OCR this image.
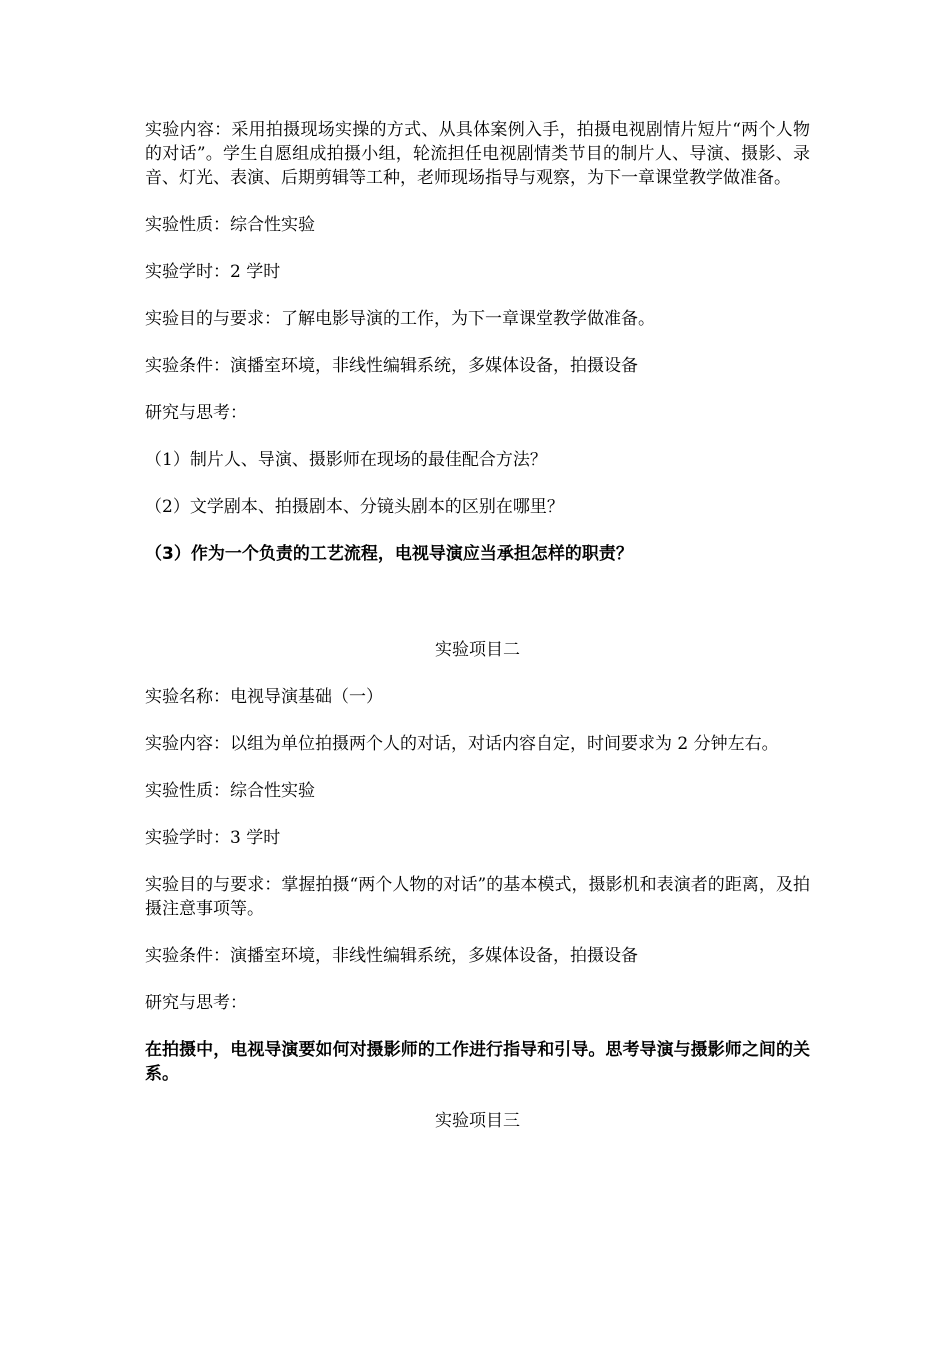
实验内容：采用拍摄现场实操的方式、从具体案例入手，拍摄电视剧情片短片“两个人物的对话”。学生自愿组成拍摄小组，轮流担任电视剧情类节目的制片人、导演、摄影、录音、灯光、表演、后期剪辑等工种，老师现场指导与观察，为下一章课堂教学做准备。

实验性质：综合性实验

实验学时：2 学时

实验目的与要求：了解电影导演的工作，为下一章课堂教学做准备。

实验条件：演播室环境，非线性编辑系统，多媒体设备，拍摄设备

研究与思考：

（1）制片人、导演、摄影师在现场的最佳配合方法？

（2）文学剧本、拍摄剧本、分镜头剧本的区别在哪里？

（3）作为一个负责的工艺流程，电视导演应当承担怎样的职责？

实验项目二

实验名称：电视导演基础（一）

实验内容：以组为单位拍摄两个人的对话，对话内容自定，时间要求为 2 分钟左右。

实验性质：综合性实验

实验学时：3 学时

实验目的与要求：掌握拍摄“两个人物的对话”的基本模式，摄影机和表演者的距离，及拍摄注意事项等。

实验条件：演播室环境，非线性编辑系统，多媒体设备，拍摄设备

研究与思考：

在拍摄中，电视导演要如何对摄影师的工作进行指导和引导。思考导演与摄影师之间的关系。

实验项目三
